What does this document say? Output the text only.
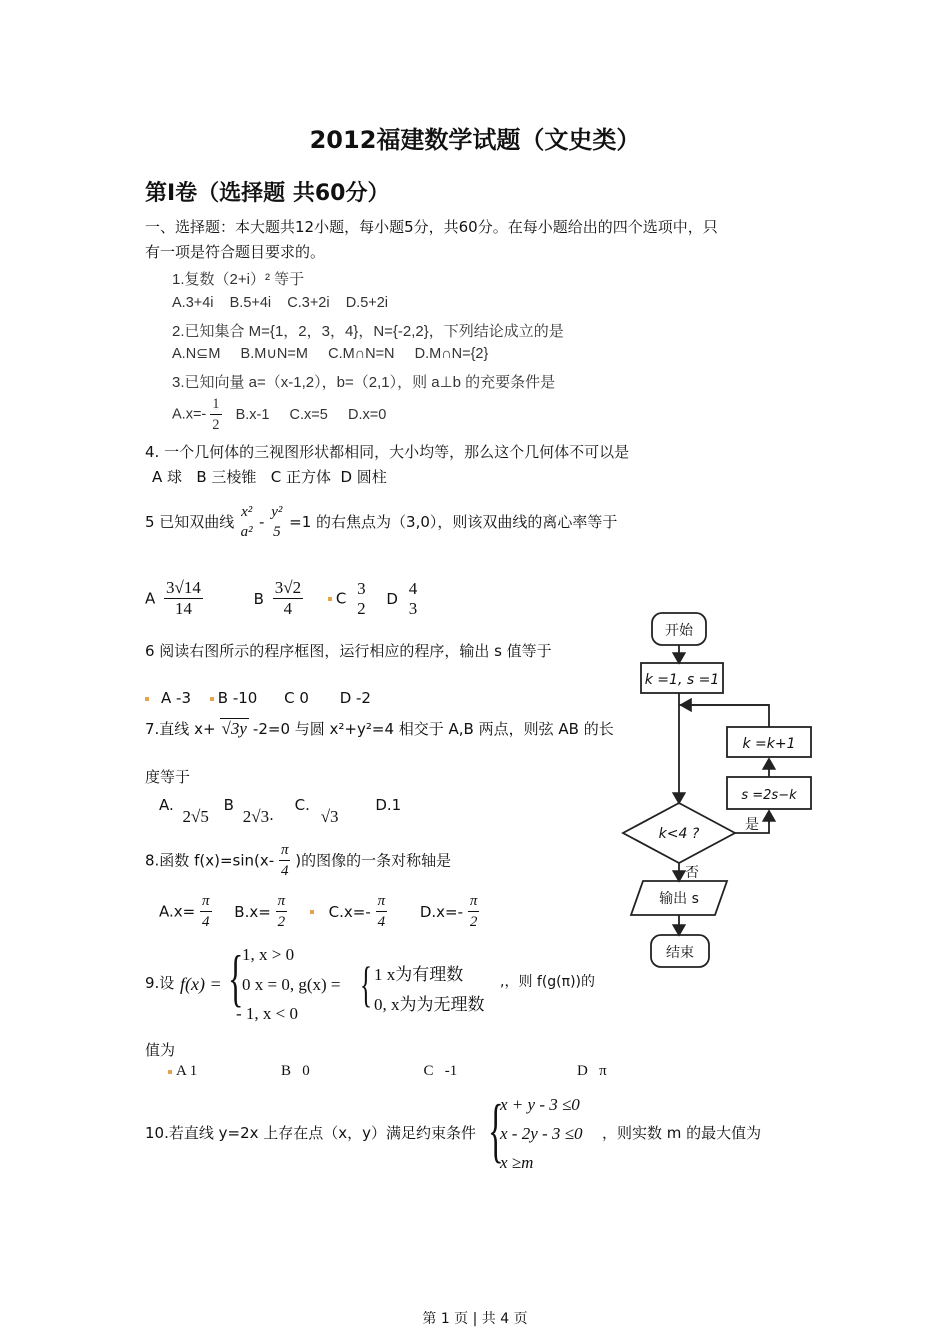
2012福建数学试题（文史类）
第Ⅰ卷（选择题 共60分）
一、选择题：本大题共12小题，每小题5分，共60分。在每小题给出的四个选项中，只
有一项是符合题目要求的。
1.复数（2+i）² 等于
A.3+4i    B.5+4i    C.3+2i    D.5+2i
2.已知集合 M={1，2，3，4}，N={-2,2}，下列结论成立的是
A.N⊆M     B.M∪N=M     C.M∩N=N     D.M∩N={2}
3.已知向量 a=（x-1,2），b=（2,1），则 a⊥b 的充要条件是
$A.x=- \frac{1}{2} B.x-1$     C.x=5     D.x=0
4. 一个几何体的三视图形状都相同，大小均等，那么这个几何体不可以是
A 球   B 三棱锥   C 正方体  D 圆柱
5 已知双曲线
x²
a²
-
y²
5
=1 的右焦点为（3,0），则该双曲线的离心率等于
A $\frac{3√14}{14}$	B $\frac{3√2}{4}$ C
3
2 D
4
3
6 阅读右图所示的程序框图，运行相应的程序，输出 s 值等于
A -3 B -10 C 0 D -2
7.直线 x+ √3y -2=0 与圆 x²+y²=4 相交于 A,B 两点，则弦 AB 的长
度等于
A. 2√5 B 2√3. C. √3 D.1
8.函数 $f(x)=\sin(x- \frac{\pi}{4}$ )的图像的一条对称轴是
$A.x= \frac{\pi}{4} B.x= \frac{\pi}{2}$	$C.x=- \frac{\pi}{4} D.x=- \frac{\pi}{2}$
9.设 f(x) = {
1, x > 0
0 x = 0, g(x) =
- 1, x < 0
{ 1 x为有理数
0, x为为无理数
,，则 f(g(π))的
值为
A 1	B   0	C   -1	D   π
10.若直线 y=2x 上存在点（x，y）满足约束条件 {
x + y - 3 ≤0
x - 2y - 3 ≤0
x ≥m
，则实数 m 的最大值为
开始
k =1, s =1
k =k+1
s =2s−k
k<4 ?
是
否
输出 s
结束
第 1 页 | 共 4 页
